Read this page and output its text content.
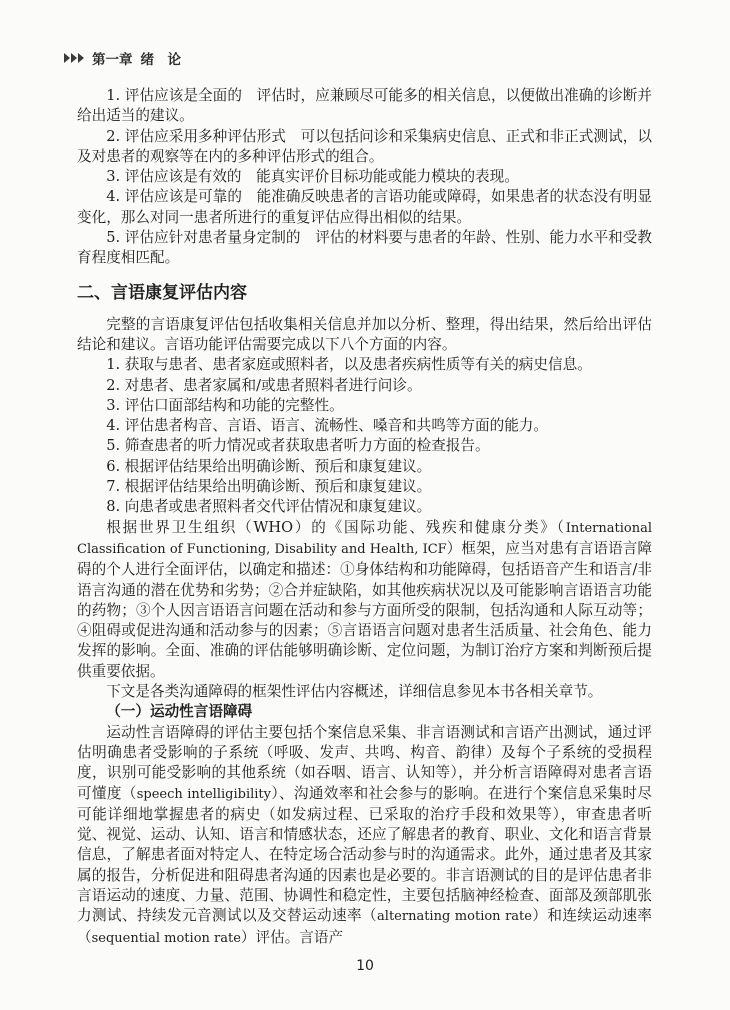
第一章 绪　论

1. 评估应该是全面的　 评估时，应兼顾尽可能多的相关信息，以便做出准确的诊断并给出适当的建议。

2. 评估应采用多种评估形式　 可以包括问诊和采集病史信息、正式和非正式测试，以及对患者的观察等在内的多种评估形式的组合。

3. 评估应该是有效的　 能真实评价目标功能或能力模块的表现。

4. 评估应该是可靠的　 能准确反映患者的言语功能或障碍，如果患者的状态没有明显变化，那么对同一患者所进行的重复评估应得出相似的结果。

5. 评估应针对患者量身定制的　 评估的材料要与患者的年龄、性别、能力水平和受教育程度相匹配。

二、言语康复评估内容

完整的言语康复评估包括收集相关信息并加以分析、整理，得出结果，然后给出评估结论和建议。言语功能评估需要完成以下八个方面的内容。

1. 获取与患者、患者家庭或照料者，以及患者疾病性质等有关的病史信息。

2. 对患者、患者家属和/或患者照料者进行问诊。

3. 评估口面部结构和功能的完整性。

4. 评估患者构音、言语、语言、流畅性、嗓音和共鸣等方面的能力。

5. 筛查患者的听力情况或者获取患者听力方面的检查报告。

6. 根据评估结果给出明确诊断、预后和康复建议。

7. 根据评估结果给出明确诊断、预后和康复建议。

8. 向患者或患者照料者交代评估情况和康复建议。

根据世界卫生组织（WHO）的《国际功能、残疾和健康分类》（International Classification of Functioning, Disability and Health, ICF）框架，应当对患有言语语言障碍的个人进行全面评估，以确定和描述：①身体结构和功能障碍，包括语音产生和语言/非语言沟通的潜在优势和劣势；②合并症缺陷，如其他疾病状况以及可能影响言语语言功能的药物；③个人因言语语言问题在活动和参与方面所受的限制，包括沟通和人际互动等；④阻碍或促进沟通和活动参与的因素；⑤言语语言问题对患者生活质量、社会角色、能力发挥的影响。全面、准确的评估能够明确诊断、定位问题，为制订治疗方案和判断预后提供重要依据。

下文是各类沟通障碍的框架性评估内容概述，详细信息参见本书各相关章节。

（一）运动性言语障碍

运动性言语障碍的评估主要包括个案信息采集、非言语测试和言语产出测试，通过评估明确患者受影响的子系统（呼吸、发声、共鸣、构音、韵律）及每个子系统的受损程度，识别可能受影响的其他系统（如吞咽、语言、认知等），并分析言语障碍对患者言语可懂度（speech intelligibility）、沟通效率和社会参与的影响。在进行个案信息采集时尽可能详细地掌握患者的病史（如发病过程、已采取的治疗手段和效果等），审查患者听觉、视觉、运动、认知、语言和情感状态，还应了解患者的教育、职业、文化和语言背景信息，了解患者面对特定人、在特定场合活动参与时的沟通需求。此外，通过患者及其家属的报告，分析促进和阻碍患者沟通的因素也是必要的。非言语测试的目的是评估患者非言语运动的速度、力量、范围、协调性和稳定性，主要包括脑神经检查、面部及颈部肌张力测试、持续发元音测试以及交替运动速率（alternating motion rate）和连续运动速率（sequential motion rate）评估。言语产

10
